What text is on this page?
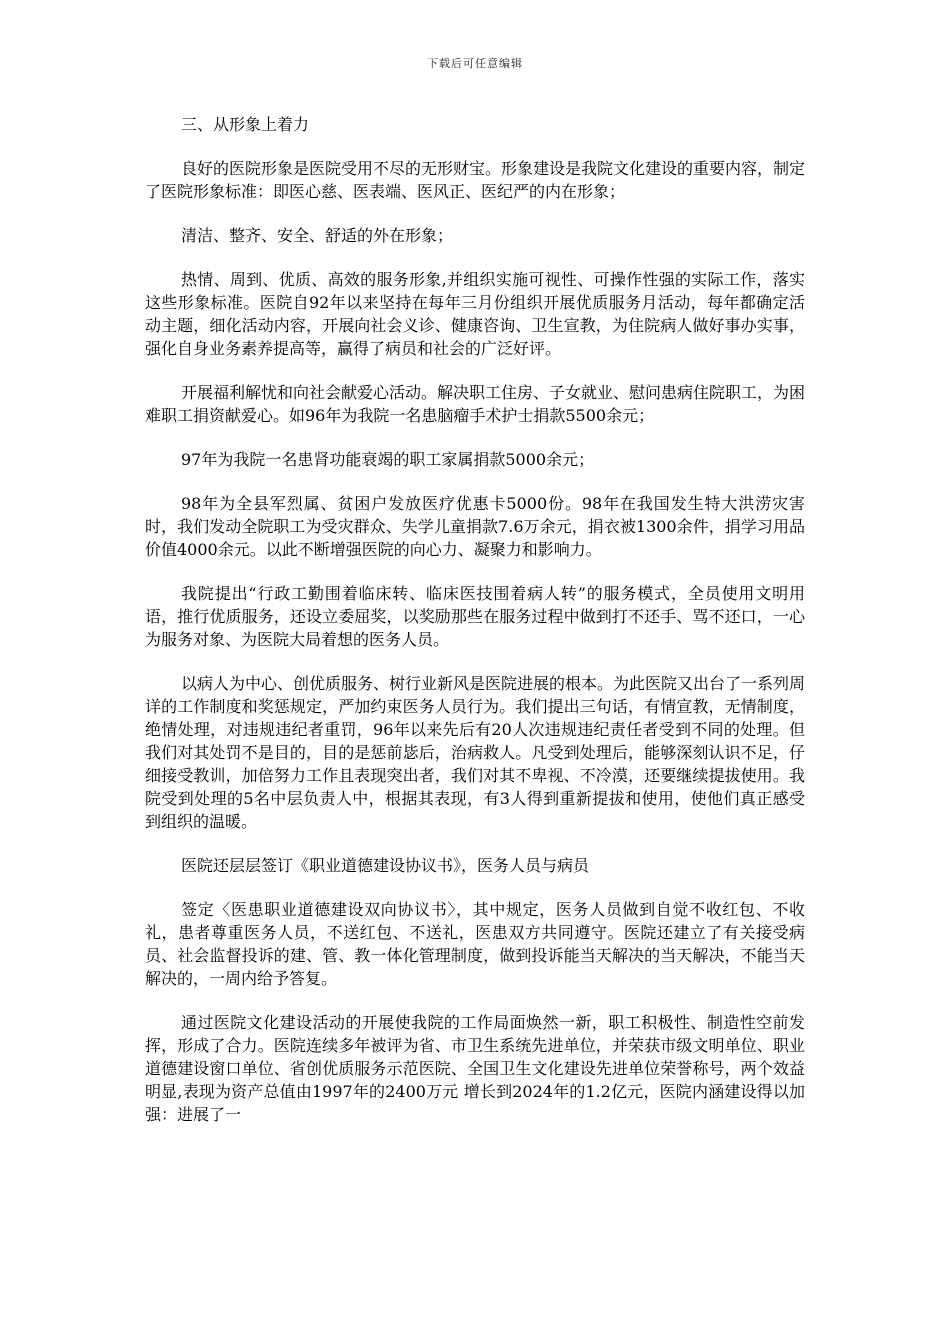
下载后可任意编辑

三、从形象上着力

良好的医院形象是医院受用不尽的无形财宝。形象建设是我院文化建设的重要内容，制定了医院形象标准：即医心慈、医表端、医风正、医纪严的内在形象；

清洁、整齐、安全、舒适的外在形象；

热情、周到、优质、高效的服务形象,并组织实施可视性、可操作性强的实际工作，落实这些形象标准。医院自92年以来坚持在每年三月份组织开展优质服务月活动，每年都确定活动主题，细化活动内容，开展向社会义诊、健康咨询、卫生宣教，为住院病人做好事办实事，强化自身业务素养提高等，赢得了病员和社会的广泛好评。

开展福利解忧和向社会献爱心活动。解决职工住房、子女就业、慰问患病住院职工，为困难职工捐资献爱心。如96年为我院一名患脑瘤手术护士捐款5500余元；

97年为我院一名患肾功能衰竭的职工家属捐款5000余元；

98年为全县军烈属、贫困户发放医疗优惠卡5000份。98年在我国发生特大洪涝灾害时，我们发动全院职工为受灾群众、失学儿童捐款7.6万余元，捐衣被1300余件，捐学习用品价值4000余元。以此不断增强医院的向心力、凝聚力和影响力。

我院提出“行政工勤围着临床转、临床医技围着病人转”的服务模式，全员使用文明用语，推行优质服务，还设立委屈奖，以奖励那些在服务过程中做到打不还手、骂不还口，一心为服务对象、为医院大局着想的医务人员。

以病人为中心、创优质服务、树行业新风是医院进展的根本。为此医院又出台了一系列周详的工作制度和奖惩规定，严加约束医务人员行为。我们提出三句话，有情宣教，无情制度，绝情处理，对违规违纪者重罚，96年以来先后有20人次违规违纪责任者受到不同的处理。但我们对其处罚不是目的，目的是惩前毖后，治病救人。凡受到处理后，能够深刻认识不足，仔细接受教训，加倍努力工作且表现突出者，我们对其不卑视、不冷漠，还要继续提拔使用。我院受到处理的5名中层负责人中，根据其表现，有3人得到重新提拔和使用，使他们真正感受到组织的温暖。

医院还层层签订《职业道德建设协议书》，医务人员与病员

签定〈医患职业道德建设双向协议书〉，其中规定，医务人员做到自觉不收红包、不收礼，患者尊重医务人员，不送红包、不送礼，医患双方共同遵守。医院还建立了有关接受病员、社会监督投诉的建、管、教一体化管理制度，做到投诉能当天解决的当天解决，不能当天解决的，一周内给予答复。

通过医院文化建设活动的开展使我院的工作局面焕然一新，职工积极性、制造性空前发挥，形成了合力。医院连续多年被评为省、市卫生系统先进单位，并荣获市级文明单位、职业道德建设窗口单位、省创优质服务示范医院、全国卫生文化建设先进单位荣誉称号，两个效益明显,表现为资产总值由1997年的2400万元 增长到2024年的1.2亿元，医院内涵建设得以加强：进展了一
